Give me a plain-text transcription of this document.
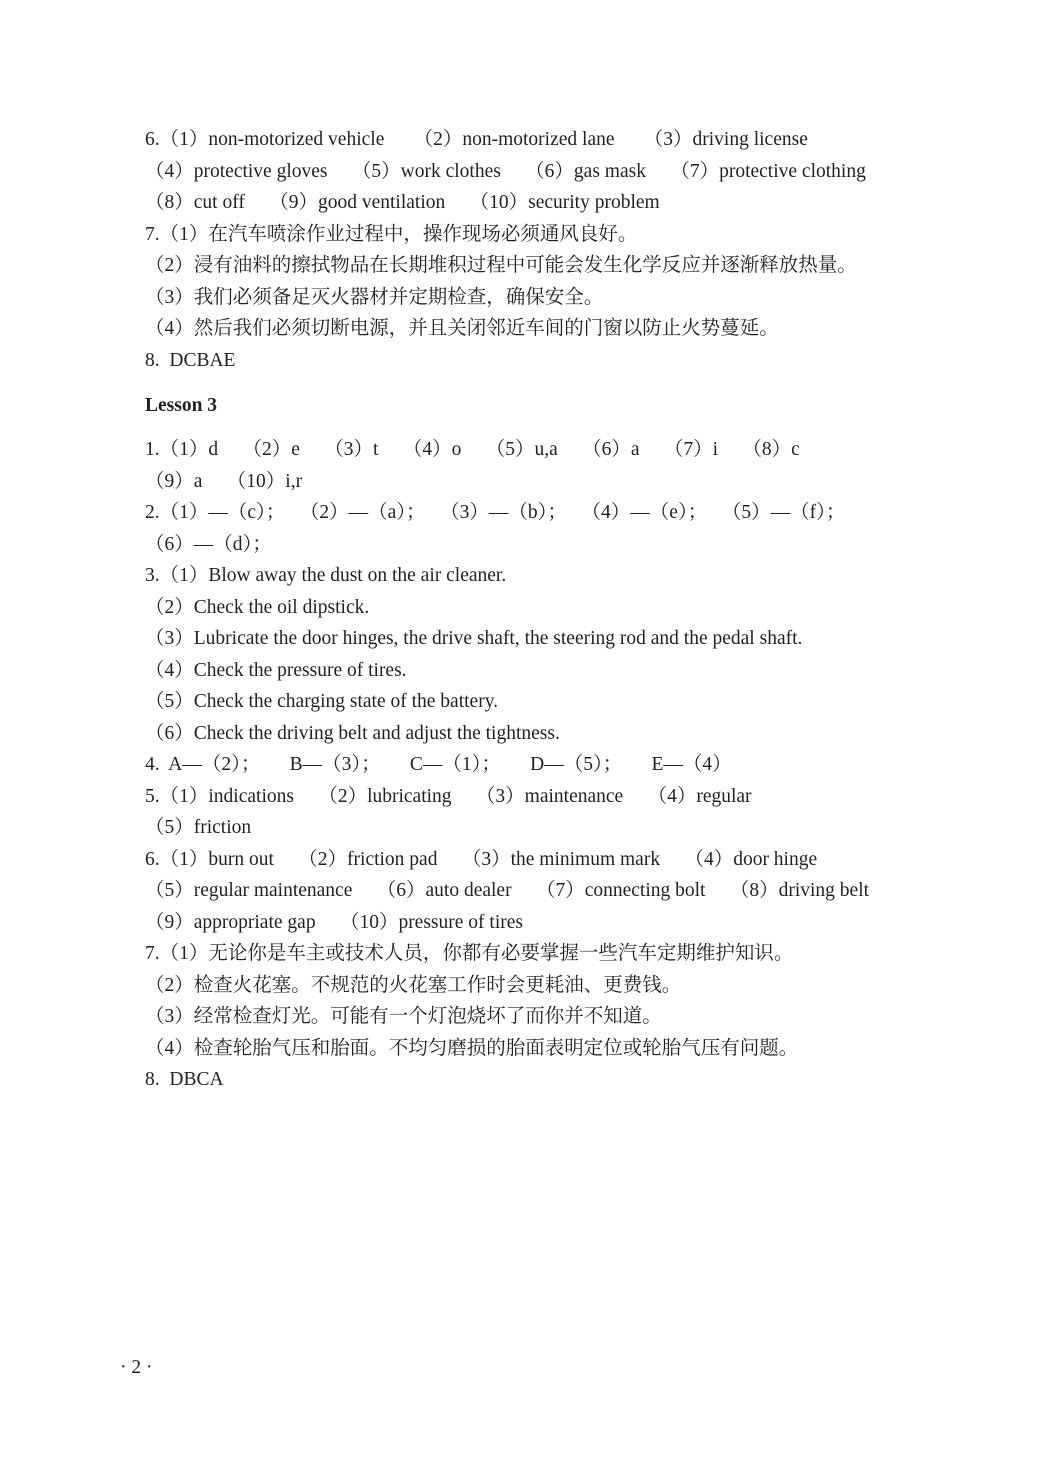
6.（1）non-motorized vehicle      （2）non-motorized lane      （3）driving license
（4）protective gloves     （5）work clothes     （6）gas mask     （7）protective clothing
（8）cut off     （9）good ventilation     （10）security problem
7.（1）在汽车喷涂作业过程中，操作现场必须通风良好。
（2）浸有油料的擦拭物品在长期堆积过程中可能会发生化学反应并逐渐释放热量。
（3）我们必须备足灭火器材并定期检查，确保安全。
（4）然后我们必须切断电源，并且关闭邻近车间的门窗以防止火势蔓延。
8.  DCBAE
Lesson 3
1.（1）d     （2）e     （3）t     （4）o     （5）u,a     （6）a     （7）i     （8）c
（9）a     （10）i,r
2.（1）—（c）；   （2）—（a）；   （3）—（b）；   （4）—（e）；   （5）—（f）；
（6）—（d）；
3.（1）Blow away the dust on the air cleaner.
（2）Check the oil dipstick.
（3）Lubricate the door hinges, the drive shaft, the steering rod and the pedal shaft.
（4）Check the pressure of tires.
（5）Check the charging state of the battery.
（6）Check the driving belt and adjust the tightness.
4.  A—（2）；      B—（3）；      C—（1）；      D—（5）；      E—（4）
5.（1）indications     （2）lubricating     （3）maintenance     （4）regular
（5）friction
6.（1）burn out     （2）friction pad     （3）the minimum mark     （4）door hinge
（5）regular maintenance     （6）auto dealer     （7）connecting bolt     （8）driving belt
（9）appropriate gap     （10）pressure of tires
7.（1）无论你是车主或技术人员，你都有必要掌握一些汽车定期维护知识。
（2）检查火花塞。不规范的火花塞工作时会更耗油、更费钱。
（3）经常检查灯光。可能有一个灯泡烧坏了而你并不知道。
（4）检查轮胎气压和胎面。不均匀磨损的胎面表明定位或轮胎气压有问题。
8.  DBCA
· 2 ·
